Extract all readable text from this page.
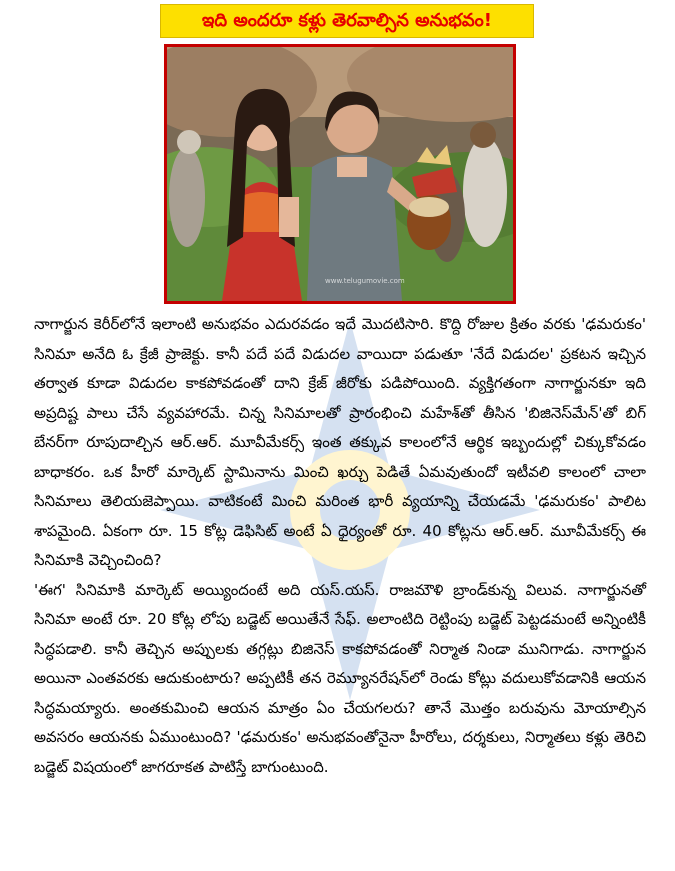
ఇది అందరూ కళ్లు తెరవాల్సిన అనుభవం!
www.telugumovie.com

నాగార్జున కెరీర్‌లోనే ఇలాంటి అనుభవం ఎదురవడం ఇదే మొదటిసారి. కొద్ది రోజుల క్రితం వరకు 'ఢమరుకం' సినిమా అనేది ఓ క్రేజీ ప్రాజెక్టు. కానీ పదే పదే విడుదల వాయిదా పడుతూ 'నేదే విడుదల' ప్రకటన ఇచ్చిన తర్వాత కూడా విడుదల కాకపోవడంతో దాని క్రేజ్ జీరోకు పడిపోయింది. వ్యక్తిగతంగా నాగార్జునకూ ఇది అప్రదిష్ట పాలు చేసే వ్యవహారమే. చిన్న సినిమాలతో ప్రారంభించి మహేశ్‌తో తీసిన 'బిజినెస్‌మేన్'తో బిగ్ బేనర్‌గా రూపుదాల్చిన ఆర్.ఆర్. మూవీమేకర్స్ ఇంత తక్కువ కాలంలోనే ఆర్థిక ఇబ్బందుల్లో చిక్కుకోవడం బాధాకరం. ఒక హీరో మార్కెట్ స్టామినాను మించి ఖర్చు పెడితే ఏమవుతుందో ఇటీవలి కాలంలో చాలా సినిమాలు తెలియజెప్పాయి. వాటికంటే మించి మరింత భారీ వ్యయాన్ని చేయడమే 'ఢమరుకం' పాలిట శాపమైంది. ఏకంగా రూ. 15 కోట్ల డెఫిసిట్ అంటే ఏ ధైర్యంతో రూ. 40 కోట్లను ఆర్.ఆర్. మూవీమేకర్స్ ఈ సినిమాకి వెచ్చించింది?

'ఈగ' సినిమాకి మార్కెట్ అయ్యిందంటే అది యస్.యస్. రాజమౌళి బ్రాండ్‌కున్న విలువ. నాగార్జునతో సినిమా అంటే రూ. 20 కోట్ల లోపు బడ్జెట్ అయితేనే సేఫ్. అలాంటిది రెట్టింపు బడ్జెట్ పెట్టడమంటే అన్నింటికీ సిద్ధపడాలి. కానీ తెచ్చిన అప్పులకు తగ్గట్లు బిజినెస్ కాకపోవడంతో నిర్మాత నిండా మునిగాడు. నాగార్జున అయినా ఎంతవరకు ఆదుకుంటారు? అప్పటికీ తన రెమ్యూనరేషన్‌లో రెండు కోట్లు వదులుకోవడానికి ఆయన సిద్ధమయ్యారు. అంతకుమించి ఆయన మాత్రం ఏం చేయగలరు? తానే మొత్తం బరువును మోయాల్సిన అవసరం ఆయనకు ఏముంటుంది? 'ఢమరుకం' అనుభవంతోనైనా హీరోలు, దర్శకులు, నిర్మాతలు కళ్లు తెరిచి బడ్జెట్ విషయంలో జాగరూకత పాటిస్తే బాగుంటుంది.
